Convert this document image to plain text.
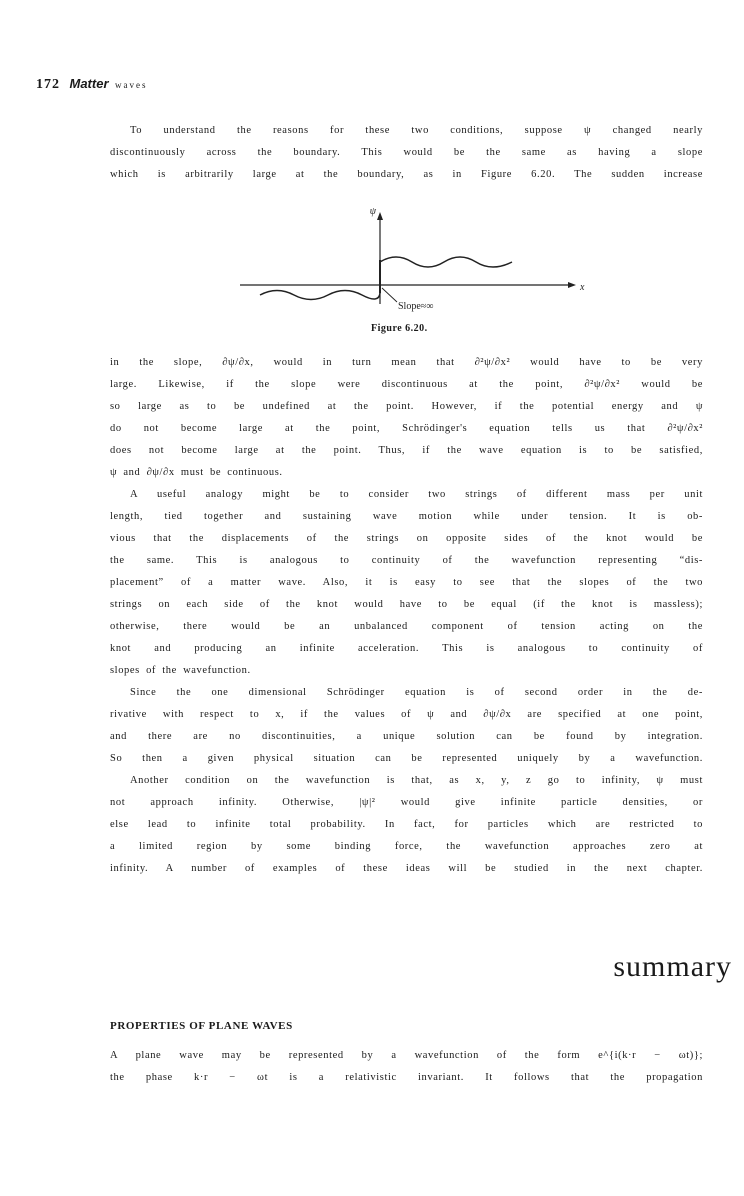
172 Matter waves

To understand the reasons for these two conditions, suppose ψ changed nearly

discontinuously across the boundary. This would be the same as having a slope

which is arbitrarily large at the boundary, as in Figure 6.20. The sudden increase

ψ
x
Slope≈∞
Figure 6.20.

in the slope, ∂ψ/∂x, would in turn mean that ∂²ψ/∂x² would have to be very

large. Likewise, if the slope were discontinuous at the point, ∂²ψ/∂x² would be

so large as to be undefined at the point. However, if the potential energy and ψ

do not become large at the point, Schrödinger's equation tells us that ∂²ψ/∂x²

does not become large at the point. Thus, if the wave equation is to be satisfied,

ψ and ∂ψ/∂x must be continuous.

A useful analogy might be to consider two strings of different mass per unit

length, tied together and sustaining wave motion while under tension. It is ob-

vious that the displacements of the strings on opposite sides of the knot would be

the same. This is analogous to continuity of the wavefunction representing “dis-

placement” of a matter wave. Also, it is easy to see that the slopes of the two

strings on each side of the knot would have to be equal (if the knot is massless);

otherwise, there would be an unbalanced component of tension acting on the

knot and producing an infinite acceleration. This is analogous to continuity of

slopes of the wavefunction.

Since the one dimensional Schrödinger equation is of second order in the de-

rivative with respect to x, if the values of ψ and ∂ψ/∂x are specified at one point,

and there are no discontinuities, a unique solution can be found by integration.

So then a given physical situation can be represented uniquely by a wavefunction.

Another condition on the wavefunction is that, as x, y, z go to infinity, ψ must

not approach infinity. Otherwise, |ψ|² would give infinite particle densities, or

else lead to infinite total probability. In fact, for particles which are restricted to

a limited region by some binding force, the wavefunction approaches zero at

infinity. A number of examples of these ideas will be studied in the next chapter.

summary
PROPERTIES OF PLANE WAVES

A plane wave may be represented by a wavefunction of the form e^{i(k·r − ωt)};

the phase k·r − ωt is a relativistic invariant. It follows that the propagation
